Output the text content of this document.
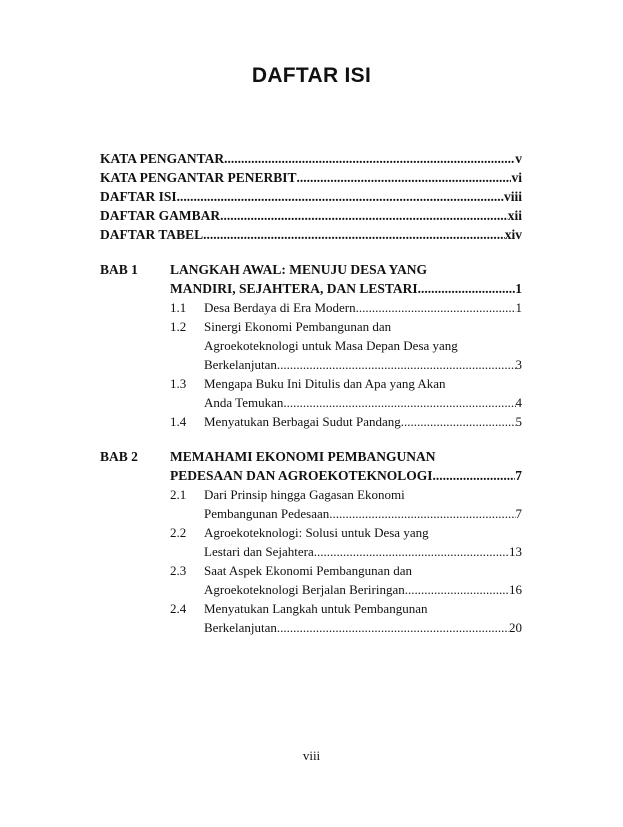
DAFTAR ISI
KATA PENGANTAR .....	v
KATA PENGANTAR PENERBIT .....	vi
DAFTAR ISI .....	viii
DAFTAR GAMBAR .....	xii
DAFTAR TABEL .....	xiv
BAB 1 LANGKAH AWAL: MENUJU DESA YANG
MANDIRI, SEJAHTERA, DAN LESTARI .....	1
1.1 Desa Berdaya di Era Modern .....	1
1.2 Sinergi Ekonomi Pembangunan dan
Agroekoteknologi untuk Masa Depan Desa yang
Berkelanjutan .....	3
1.3 Mengapa Buku Ini Ditulis dan Apa yang Akan
Anda Temukan .....	4
1.4 Menyatukan Berbagai Sudut Pandang .....	5
BAB 2 MEMAHAMI EKONOMI PEMBANGUNAN
PEDESAAN DAN AGROEKOTEKNOLOGI .....	7
2.1 Dari Prinsip hingga Gagasan Ekonomi
Pembangunan Pedesaan .....	7
2.2 Agroekoteknologi: Solusi untuk Desa yang
Lestari dan Sejahtera .....	13
2.3 Saat Aspek Ekonomi Pembangunan dan
Agroekoteknologi Berjalan Beriringan .....	16
2.4 Menyatukan Langkah untuk Pembangunan
Berkelanjutan .....	20
viii
